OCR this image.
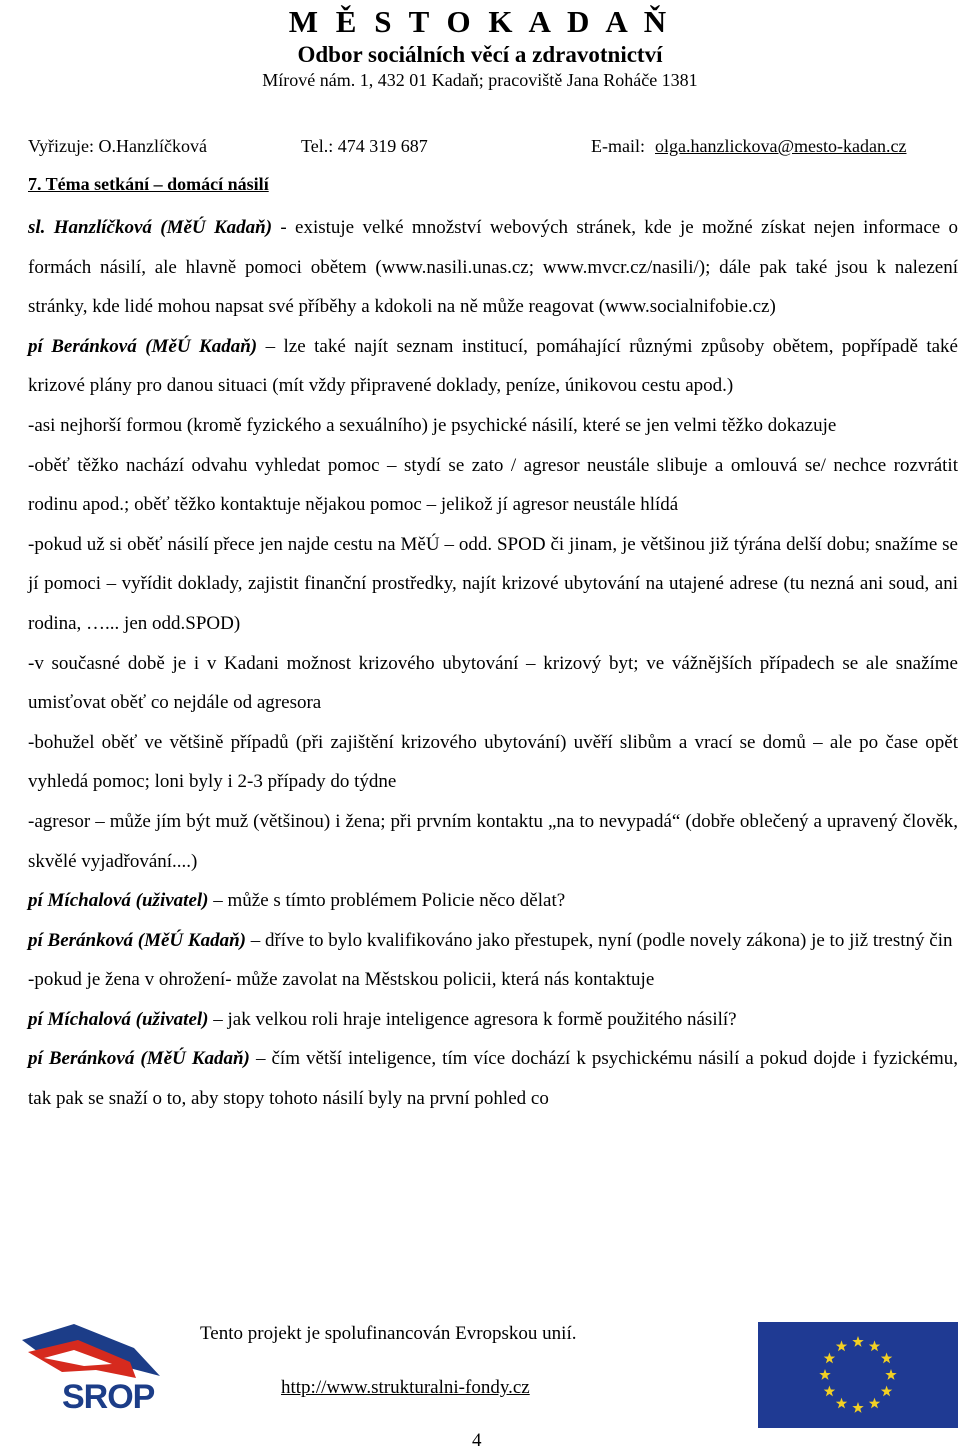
M Ě S T O K A D A Ň
Odbor sociálních věcí a zdravotnictví
Mírové nám. 1, 432 01 Kadaň; pracoviště Jana Roháče 1381
Vyřizuje: O.Hanzlíčková	Tel.: 474 319 687	E-mail: olga.hanzlickova@mesto-kadan.cz
7. Téma setkání – domácí násilí

sl. Hanzlíčková (MěÚ Kadaň) - existuje velké množství webových stránek, kde je možné získat nejen informace o formách násilí, ale hlavně pomoci obětem (www.nasili.unas.cz; www.mvcr.cz/nasili/); dále pak také jsou k nalezení stránky, kde lidé mohou napsat své příběhy a kdokoli na ně může reagovat (www.socialnifobie.cz)

pí Beránková (MěÚ Kadaň) – lze také najít seznam institucí, pomáhající různými způsoby obětem, popřípadě také krizové plány pro danou situaci (mít vždy připravené doklady, peníze, únikovou cestu apod.)

-asi nejhorší formou (kromě fyzického a sexuálního) je psychické násilí, které se jen velmi těžko dokazuje

-oběť těžko nachází odvahu vyhledat pomoc – stydí se zato / agresor neustále slibuje a omlouvá se/ nechce rozvrátit rodinu apod.; oběť těžko kontaktuje nějakou pomoc – jelikož jí agresor neustále hlídá

-pokud už si oběť násilí přece jen najde cestu na MěÚ – odd. SPOD či jinam, je většinou již týrána delší dobu; snažíme se jí pomoci – vyřídit doklady, zajistit finanční prostředky, najít krizové ubytování na utajené adrese (tu nezná ani soud, ani rodina, …... jen odd.SPOD)

-v současné době je i v Kadani možnost krizového ubytování – krizový byt; ve vážnějších případech se ale snažíme umisťovat oběť co nejdále od agresora

-bohužel oběť ve většině případů (při zajištění krizového ubytování) uvěří slibům a vrací se domů – ale po čase opět vyhledá pomoc; loni byly i 2-3 případy do týdne

-agresor – může jím být muž (většinou) i žena; při prvním kontaktu „na to nevypadá“ (dobře oblečený a upravený člověk, skvělé vyjadřování....)

pí Míchalová (uživatel) – může s tímto problémem Policie něco dělat?

pí Beránková (MěÚ Kadaň) – dříve to bylo kvalifikováno jako přestupek, nyní (podle novely zákona) je to již trestný čin

-pokud je žena v ohrožení- může zavolat na Městskou policii, která nás kontaktuje

pí Míchalová (uživatel) – jak velkou roli hraje inteligence agresora k formě použitého násilí?

pí Beránková (MěÚ Kadaň) – čím větší inteligence, tím více dochází k psychickému násilí a pokud dojde i fyzickému, tak pak se snaží o to, aby stopy tohoto násilí byly na první pohled co

SROP
Tento projekt je spolufinancován Evropskou unií.
http://www.strukturalni-fondy.cz
4
